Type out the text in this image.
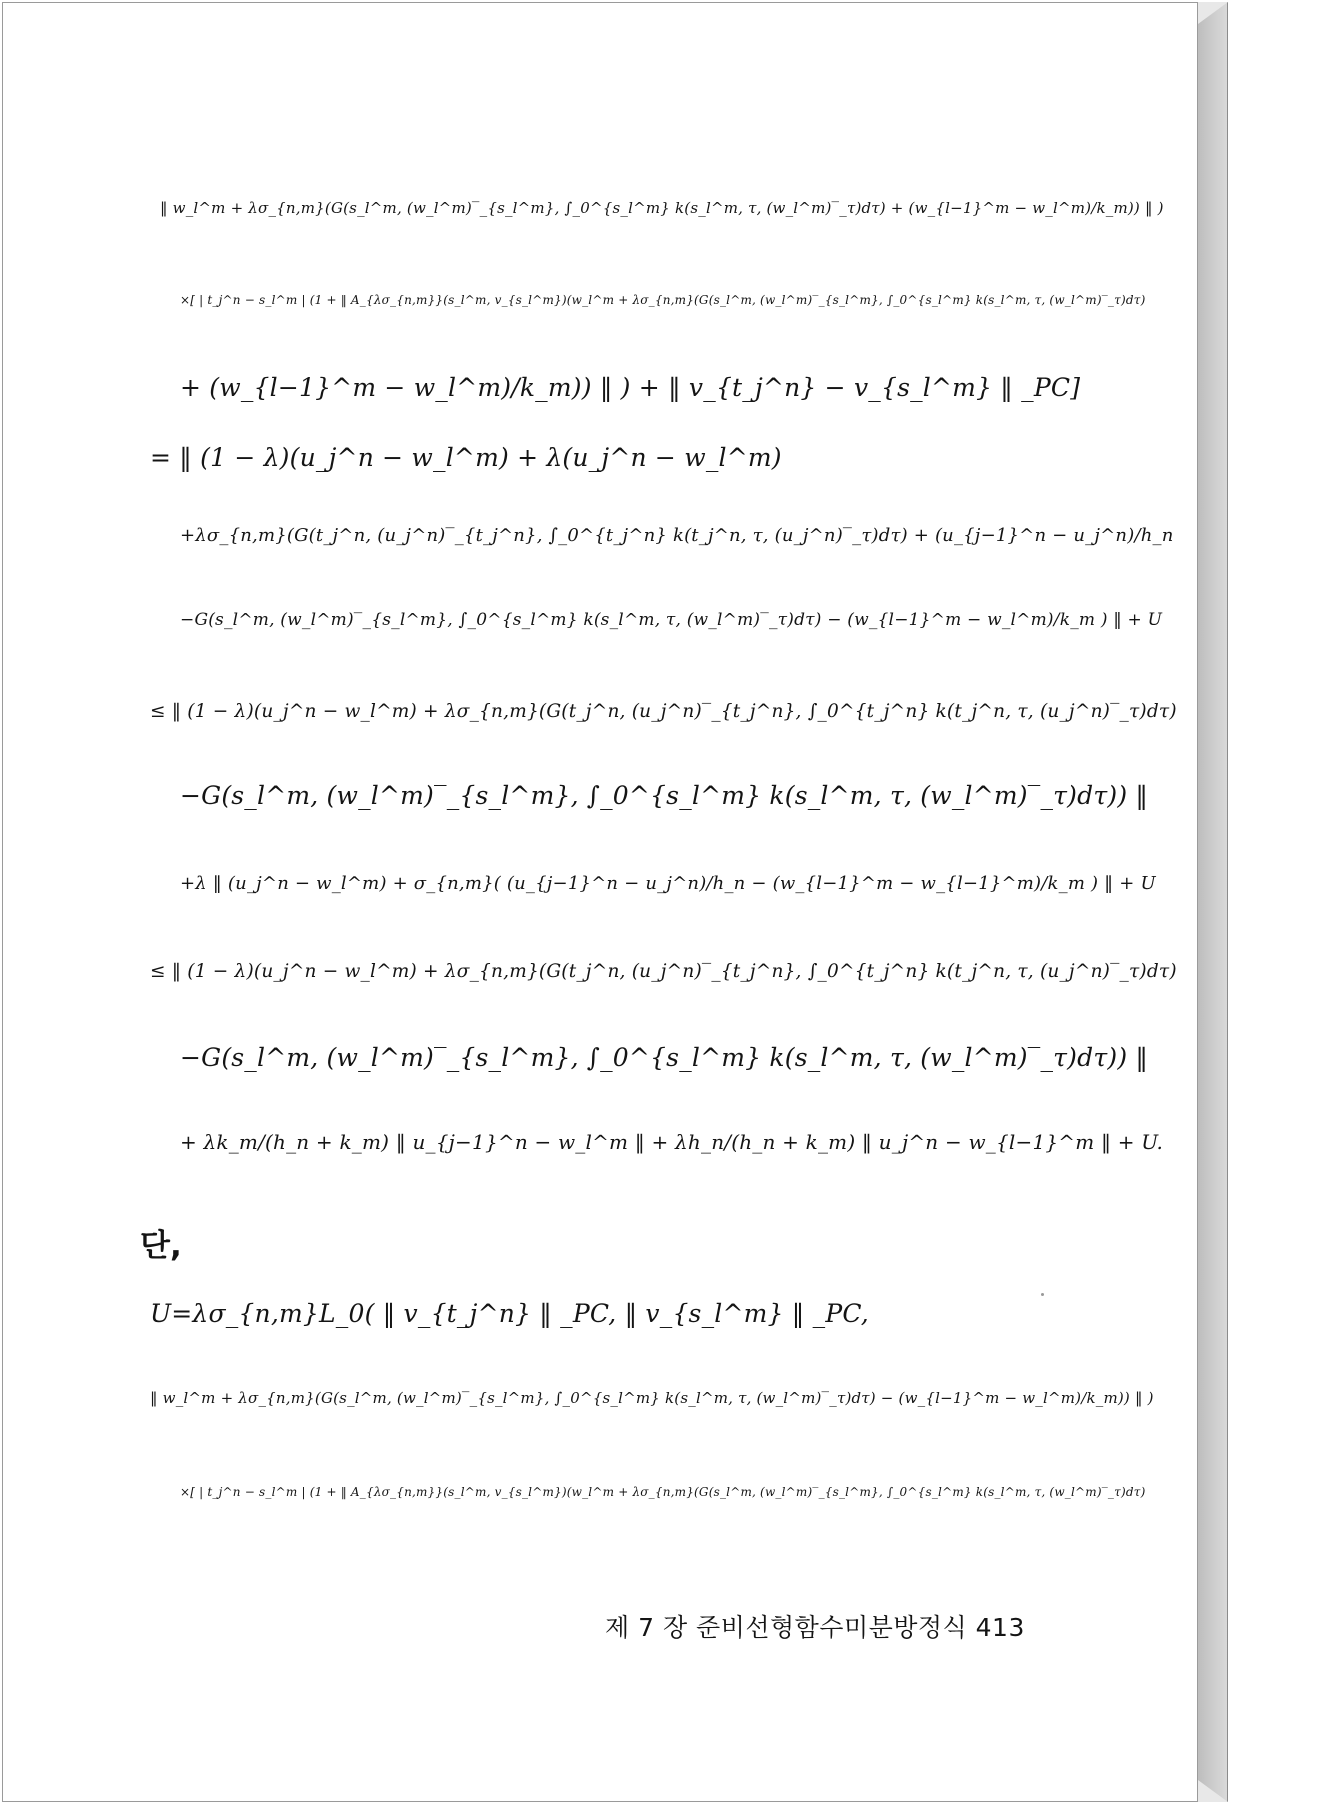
‖ w_l^m + λσ_{n,m}(G(s_l^m, (w_l^m)‾_{s_l^m}, ∫_0^{s_l^m} k(s_l^m, τ, (w_l^m)‾_τ)dτ) + (w_{l−1}^m − w_l^m)/k_m)) ‖ )

×[ | t_j^n − s_l^m | (1 + ‖ A_{λσ_{n,m}}(s_l^m, v_{s_l^m})(w_l^m + λσ_{n,m}(G(s_l^m, (w_l^m)‾_{s_l^m}, ∫_0^{s_l^m} k(s_l^m, τ, (w_l^m)‾_τ)dτ)

+ (w_{l−1}^m − w_l^m)/k_m)) ‖ ) + ‖ v_{t_j^n} − v_{s_l^m} ‖ _PC]

= ‖ (1 − λ)(u_j^n − w_l^m) + λ(u_j^n − w_l^m)

+λσ_{n,m}(G(t_j^n, (u_j^n)‾_{t_j^n}, ∫_0^{t_j^n} k(t_j^n, τ, (u_j^n)‾_τ)dτ) + (u_{j−1}^n − u_j^n)/h_n

−G(s_l^m, (w_l^m)‾_{s_l^m}, ∫_0^{s_l^m} k(s_l^m, τ, (w_l^m)‾_τ)dτ) − (w_{l−1}^m − w_l^m)/k_m ) ‖ + U

≤ ‖ (1 − λ)(u_j^n − w_l^m) + λσ_{n,m}(G(t_j^n, (u_j^n)‾_{t_j^n}, ∫_0^{t_j^n} k(t_j^n, τ, (u_j^n)‾_τ)dτ)

−G(s_l^m, (w_l^m)‾_{s_l^m}, ∫_0^{s_l^m} k(s_l^m, τ, (w_l^m)‾_τ)dτ)) ‖

+λ ‖ (u_j^n − w_l^m) + σ_{n,m}( (u_{j−1}^n − u_j^n)/h_n − (w_{l−1}^m − w_{l−1}^m)/k_m ) ‖ + U

≤ ‖ (1 − λ)(u_j^n − w_l^m) + λσ_{n,m}(G(t_j^n, (u_j^n)‾_{t_j^n}, ∫_0^{t_j^n} k(t_j^n, τ, (u_j^n)‾_τ)dτ)

−G(s_l^m, (w_l^m)‾_{s_l^m}, ∫_0^{s_l^m} k(s_l^m, τ, (w_l^m)‾_τ)dτ)) ‖

+ λk_m/(h_n + k_m) ‖ u_{j−1}^n − w_l^m ‖ + λh_n/(h_n + k_m) ‖ u_j^n − w_{l−1}^m ‖ + U.

단,

U=λσ_{n,m}L_0( ‖ v_{t_j^n} ‖ _PC, ‖ v_{s_l^m} ‖ _PC,

‖ w_l^m + λσ_{n,m}(G(s_l^m, (w_l^m)‾_{s_l^m}, ∫_0^{s_l^m} k(s_l^m, τ, (w_l^m)‾_τ)dτ) − (w_{l−1}^m − w_l^m)/k_m)) ‖ )

×[ | t_j^n − s_l^m | (1 + ‖ A_{λσ_{n,m}}(s_l^m, v_{s_l^m})(w_l^m + λσ_{n,m}(G(s_l^m, (w_l^m)‾_{s_l^m}, ∫_0^{s_l^m} k(s_l^m, τ, (w_l^m)‾_τ)dτ)

제 7 장 준비선형함수미분방정식 413
